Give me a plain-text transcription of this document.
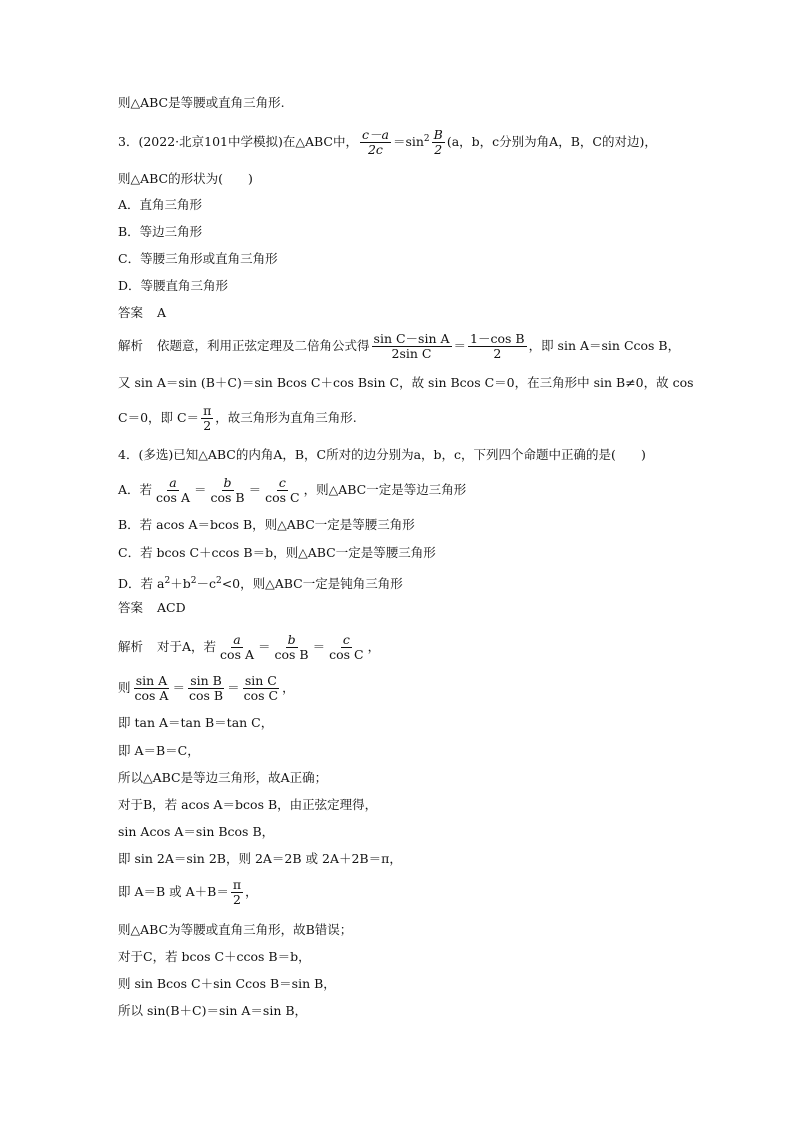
则△ABC是等腰或直角三角形.
3．(2022·北京101中学模拟)在△ABC中， $\frac{c-a}{2c} =\sin^2 \frac{B}{2} (a$，b，c分别为角A，B，C的对边)，
则△ABC的形状为(　　)
A．直角三角形
B．等边三角形
C．等腰三角形或直角三角形
D．等腰直角三角形
答案 A
解析 依题意，利用正弦定理及二倍角公式得 $\frac{\text{sin C－sin A}}{\text{2sin C}} = \frac{\text{1－cos B}}{2}$ ，即 sin A＝sin Ccos B，
又 sin A＝sin (B＋C)＝sin Bcos C＋cos Bsin C，故 sin Bcos C＝0，在三角形中 sin B≠0，故 cos
C＝0，即 $C= \frac{\pi}{2}$ ，故三角形为直角三角形.
4．(多选)已知△ABC的内角A，B，C所对的边分别为a，b，c，下列四个命题中正确的是(　　)
A．若 $\frac{a}{\text{cos A}} = \frac{b}{\text{cos B}} = \frac{c}{\text{cos C}}$ ，则△ABC一定是等边三角形
B．若 acos A＝bcos B，则△ABC一定是等腰三角形
C．若 bcos C＋ccos B＝b，则△ABC一定是等腰三角形
D．若 $a^2+b^2-c^2<0$，则△ABC一定是钝角三角形
答案 ACD
解析 对于A，若 $\frac{a}{\text{cos A}} = \frac{b}{\text{cos B}} = \frac{c}{\text{cos C}}$ ，
则 $\frac{\text{sin A}}{\text{cos A}} = \frac{\text{sin B}}{\text{cos B}} = \frac{\text{sin C}}{\text{cos C}}$ ，
即 tan A＝tan B＝tan C，
即 A＝B＝C，
所以△ABC是等边三角形，故A正确；
对于B，若 acos A＝bcos B，由正弦定理得，
sin Acos A＝sin Bcos B，
即 sin 2A＝sin 2B，则 2A＝2B 或 2A＋2B＝π，
即 A＝B 或 $A+B= \frac{\pi}{2}$ ，
则△ABC为等腰或直角三角形，故B错误；
对于C，若 bcos C＋ccos B＝b，
则 sin Bcos C＋sin Ccos B＝sin B，
所以 sin(B＋C)＝sin A＝sin B，
